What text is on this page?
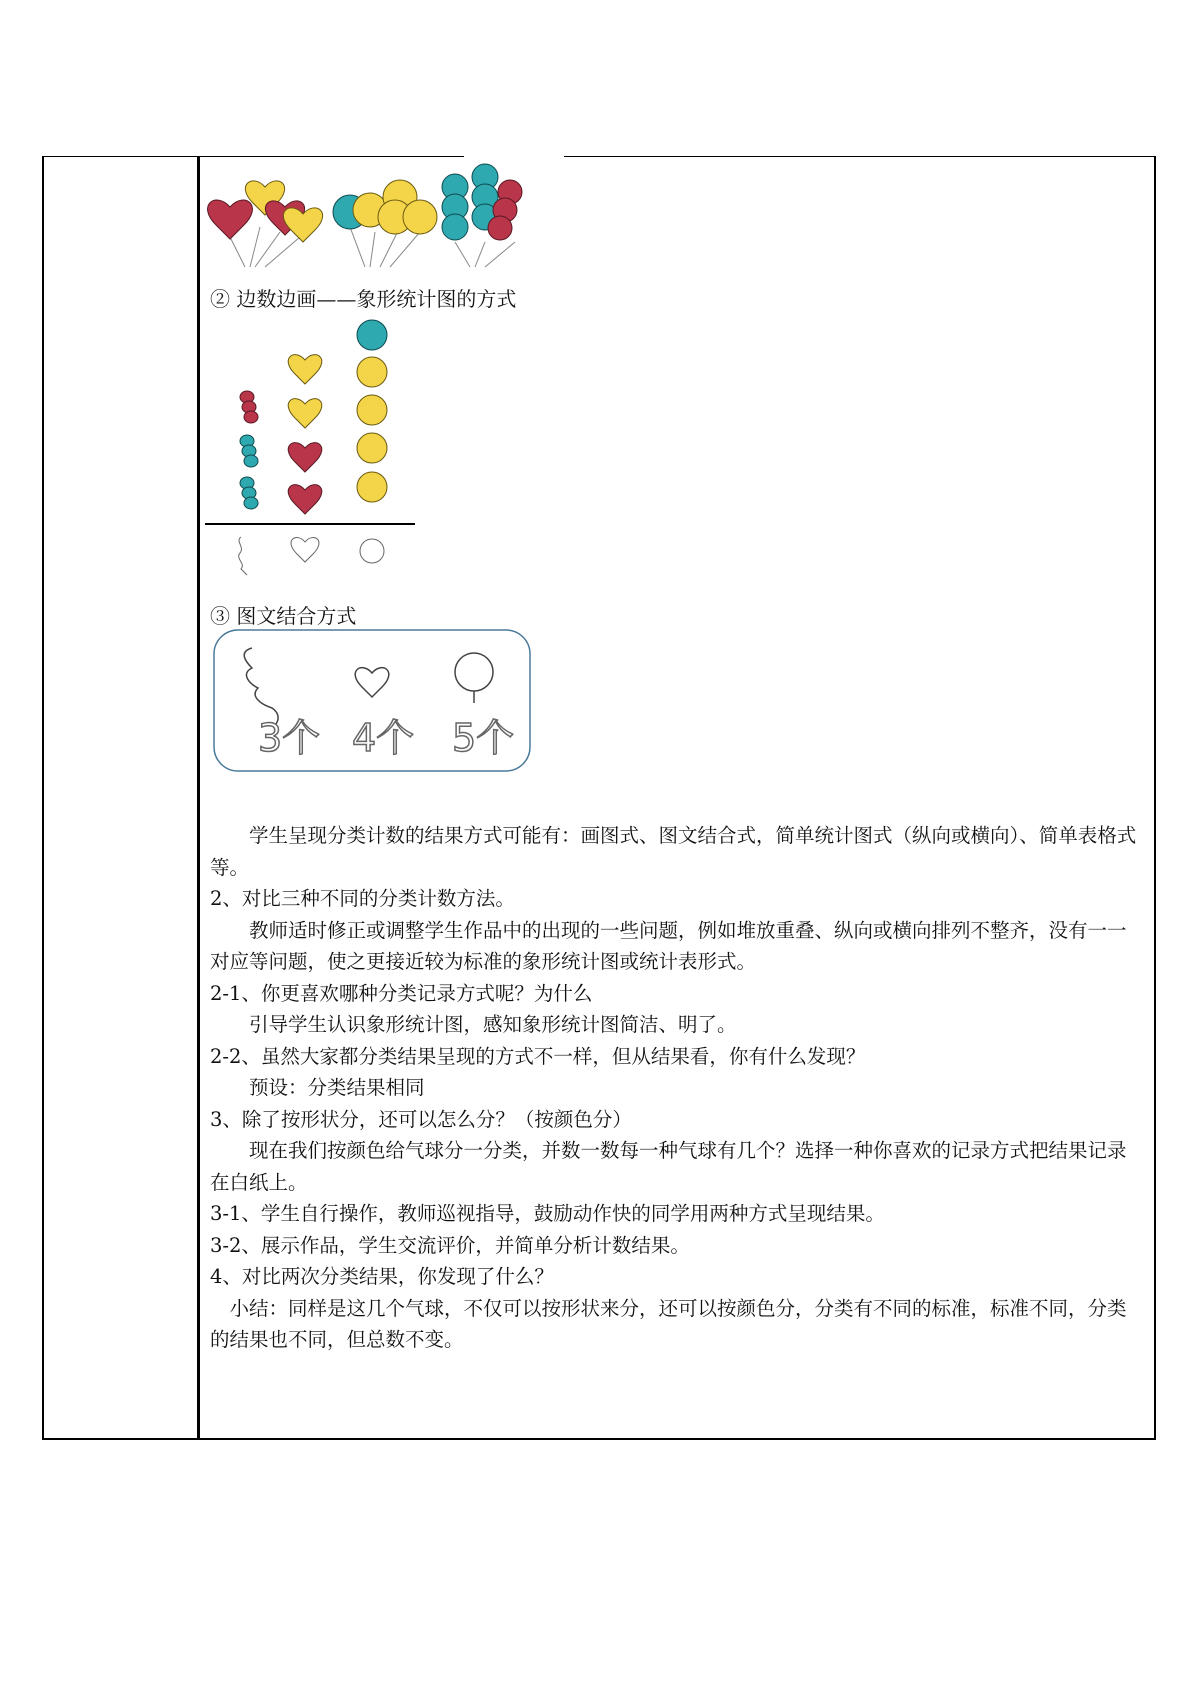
② 边数边画——象形统计图的方式
③ 图文结合方式
3个 4个 5个

学生呈现分类计数的结果方式可能有：画图式、图文结合式，简单统计图式（纵向或横向）、简单表格式等。

2、对比三种不同的分类计数方法。

教师适时修正或调整学生作品中的出现的一些问题，例如堆放重叠、纵向或横向排列不整齐，没有一一对应等问题，使之更接近较为标准的象形统计图或统计表形式。

2-1、你更喜欢哪种分类记录方式呢？为什么

引导学生认识象形统计图，感知象形统计图简洁、明了。

2-2、虽然大家都分类结果呈现的方式不一样，但从结果看，你有什么发现？

预设：分类结果相同

3、除了按形状分，还可以怎么分？（按颜色分）

现在我们按颜色给气球分一分类，并数一数每一种气球有几个？选择一种你喜欢的记录方式把结果记录在白纸上。

3-1、学生自行操作，教师巡视指导，鼓励动作快的同学用两种方式呈现结果。

3-2、展示作品，学生交流评价，并简单分析计数结果。

4、对比两次分类结果，你发现了什么？

小结：同样是这几个气球，不仅可以按形状来分，还可以按颜色分，分类有不同的标准，标准不同，分类的结果也不同，但总数不变。
